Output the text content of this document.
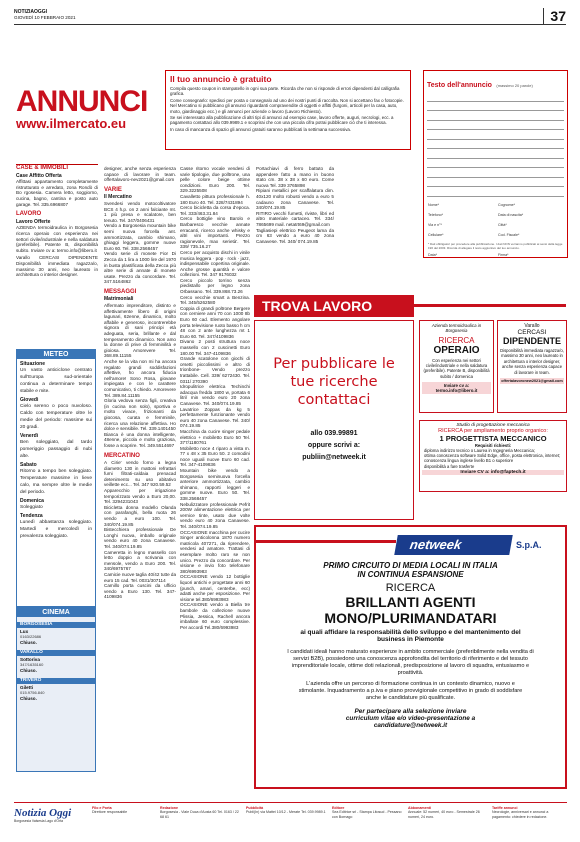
NOTIZIAOGGI
GIOVEDÌ 10 FEBBRAIO 2021	37
ANNUNCI
www.ilmercato.eu
Il tuo annuncio è gratuito

Compila questo coupon in stampatello in ogni sua parte. Ricorda che non si risponde di errori dipendenti dal calligrafia grafica.

Come consegnarlo: spedisci per posta o consegnalo ad uno dei nostri punti di raccolta. Non si accettano fax o fotocopie. Nel Mercatino si pubblicano gli annunci riguardanti compravendite di oggetti e affitti (furgoni, articoli per la casa, auto, moto, giardinaggio ecc.) e gli annunci per aziende o lavoro (Lavoro Richiesto).

Se sei interessato alla pubblicazione di altri tipi di annunci ad esempio case, lavoro offerte, auguri, necrologi, ecc. a pagamento contattaci allo 039.9989.1 e scoprirai che con una piccola cifra potrai pubblicare ciò che ti interessa.

In caso di mancanza di spazio gli annunci gratuiti saranno pubblicati la settimana successiva.

Testo dell'annuncio (massimo 20 parole)
Nome*	Cognome*
Telefono*	Data di nascita*
Via e n°*	Città*
Cellulare*	Cod. Fiscale*
* Dati obbligatori per procedere alla pubblicazione. I dati NON verranno pubblicati ai sensi della legge 196 del 2003. Ricorda di allegare il testo aggiuntivo del tuo annuncio.
Data*	Firma*
CASE & IMMOBILI
Case Affitto Offerta
Affittasi appartamento completamente ristrutturato e arredato, zona Rondò di Bo rgosesia. Camera letto, soggiorno, cucina, bagno, cantina e posto auto garage. Tel. 335.6966807
LAVORO
Lavoro Offerte
AZIENDA termoidraulica in Borgosesia ricerca operaio con esperienza nei settori civile/industriale e nella saldatura (preferibile). Patente B, disponibilità subito. Inviare cv a: termo.info@libero.it
Varallo CERCASI DIPENDENTE Disponibilità immediata ragazza/o, massimo 30 anni, neo laureato in architettura o interior designer.
METEO
Situazione
Un vasto anticiclone centrato sull'Europa sud-orientale continua a determinare tempo stabile e mite.
Giovedì
Cielo sereno o poco nuvoloso. Caldo con temperature oltre le medie del periodo: massime sui 20 gradi.
Venerdì
Ben soleggiato, dal tardo pomeriggio passaggio di nubi alte.
Sabato
Ritorno a tempo ben soleggiato. Temperature massime in lieve calo, ma sempre oltre le medie del periodo.
Domenica
Soleggiato
Tendenza
Lunedì abbastanza soleggiato. Martedì e mercoledì in prevalenza soleggiato.
CINEMA
BORGOSESIA
Lux
0163/22686
Chiuso.
VARALLO
Sottoriva
347/1635160
Chiuso.
TRIVERO
Giletti
015.9756.840
Chiuso.
designer, anche senza esperienza capace di lavorare in team. offertalavoro-nev2021@gmail.com
VARIE
Il Mercatino
Svendesi vendo motocoltivatore BCS 4 h.p. on 2 anni falciante mt. 1 più presa e scalatore, ben tenuto. Tel. 347/0406431
Vendo a Borgosesia mountain bike semi nuova forcella ant. ammortizzata, cambio shimano, ghiaggi leggera, gomme nuove Euro 60. Tel. 338.2568457
Vendo serie di monete Fior Di Zecca da 1 lira a 1000 lire del 1970 in busta plastificata della Zecca più altre serie di annate di monete usate. Prezzo da concordare. Tel. 347.5164862
MESSAGGI
Matrimoniali
Affermato imprenditore, distinto e affettivamente libero di origini lagunari, 62enne, dinamico, molto affabile e generoso, incontrerebbe signora di sani principi età adeguata, seria, brillante e dal temperamento dinamico. Non amo la donne di prive di femminilità e gioiosa. Amorevere Tel. 368.89.11155
Anche se la vita non mi ha ancora regalato grandi soddisfazioni affettive, ho ancora fiducia nell'amore! Sono Rosa, giovane impiegata e con le carattere comunicativo, ti chiedo. Amorevere Tel. 389.84.11155
Gloria vedova senza figli, creativa (in cucina non solo), sportiva e molto vivace, frizionanti da giocosa, curata e femminile, ricerca una relazione affettiva. Ho dolce e sensibile. Tel. 339.1401450
Bianca è una donna intelligente, 48enne, piccola e molto graziosa, fosse a scoprire. Tel. 349.5514697
MERCATINO
A Cirie' vendo forno a legna diametro 130 in mattoni refrattari fumi filtrati-caldaia prenacad detenimento su uso abitativo veillette ecc... Tel. 347 920.59.52
Apparecchio per irrigazione temporizzato vendo a Euro 20,00. Tel. 3294231043
Bicicletta donna modello Olanda con parafanghi, bella ruota 26 vendo a euro 100. Tel. 340/074.19.85
Bistecchiera professionale De Longhi nuova, imballo originale vendo euro 40 zona Canavese. Tel. 340/074.19.85
Cameretta in legno massello con letto doppio a scrivania con mensole, vendo a Euro 200. Tel. 340/6975767
Camicie nuove taglia 40/42 tutte da euro 15 cad. Tel. 0031/307114
Camillo porta cuscini da ufficio vendo a Euro 130. Tel. 347-4109836
Casse ritorno vocale vendesi di varie tipologie, due polltrone, una pelle colore beige ottime condizioni. Euro 200. Tel. 329.3225508
Cavalletto pittura professionale h. 180 Euro 40. Tel. 328/7431894
Cerco bicicletta da corsa d'epoca. Tel. 333/463.31.84
Cerco bottiglie vino Barolo e Barbaresco vecchie annate erracanti, ricerco anche whisky e altri vini importanti. Prezzo ragionevole, max serietà'. Tel. 339/ 735.16.27
Cerco per acquisto dischi in vinile musica leggera · pop · rock · jazz, indispensabile copertina originale. Anche grosse quantità e valore collezioni. Tel. 347 9176032
Cerco piccolo torrino senza piedistallo per legno zona Orbassano. Tel. 339.868.73.26
Cerco vecchie smart a Benzina. Tel. 345/5262580
Coppia di grandi poltrone Bergere con cerniere anni 70 con 1000 8b Euro 60 cad. Elemento angolare porta televisione ruoto basso h cm 48 con 2 ante lunghezza mt 1 Euro 60. Tel. 347/4109836
Divano 2 posti struttura noce massello con 2 cuscinetti Euro 180.00 Tel. 347-4109836
Grande scatolone con giochi di orsetti piccolissimi e altro di trionbone- Vendo prezzo trattabile. Cell. 339/ 6272430. Tel. 0311/ 270390
Idropulitrice elettrica Techinchi adacqua fredda 1800 w, portata 6 litri/ min vendo euro 20 zona Canavese. Tel. 340/074.19.85
Lavatrice Zoppas da kg 5 perfettamente funzionante vendo euro 40 zona Canavese. Tel. 340/ 074.19.85
Macchina da cucire singer pedale elettrico + mobiletto Euro 50 Tel. 377/1180761
Mobiletto noce 4 riparo a vista m. 77 x 48 x 35 Euro 50. 2 comodini noce uguali nuove Euro 60 cad. Tel. 347-4109836
Mountain bike vendo a Borgosesia seminuova forcella anteriore ammortizzata, cambio shimano, rapporti leggeri e gomme nuove. Euro 50. Tel. 338.2568457
Nebulizzatore professionale Pefrit 200W alimentazione elettrica per vernice tinte, usato due volte vendo euro 40 zona Canavese. Tel. 340/074.19.85
OCCASIONE macchina per cucire Singer anticolonna 1870 numero matricola 407271, da riprendere, vendesi ad amatore. Trattasi di esemplare molto raro se non unico. Prezzo da concordare. Per visione e invio foto telefonare 380/6993983
OCCASIONE vendo 12 bottiglie liquori antichi e progettate anni 60 (punch, amari, centerbe, ecc) adatti anche per esposizione. Per visione tel.380/6993983
OCCASIONE vendo a Biella tre bambole da collezione nuove Plissia, Jessica, Rachell ancora imballate 60 euro complessive. Per accordi Tel.380/6993983
Portachiavi di ferro battuto da appendere fatto a mano in buono stato cm. 38 x 38 x 60 euro. Come nuova Tel. 339 3765898
Ripiani metallici per scaffalatura dim. 40x120 molto robusti vendo a euro 5 cadauno zona Canavese. Tel. 340/074.19.85
RITIRO vecchi fumetti, riviste, libri ed altro materiale cartaceo. Tel. 334/ 7865699 mail. netatrt69@gmail.com
Tagliasiepi elettrico Peugeot lama da cm 63 vendo a euro 40 zona Canavese. Tel. 340/ 074.19.85
TROVA LAVORO
Per pubblicare le tue ricerche contattaci
allo 039.99891
oppure scrivi a:
publiin@netweek.it
Azienda termoidraulica in Borgosesia
RICERCA
OPERAIO
Con esperienza nei settori civile/industriale e nella saldatura (preferibile). Patente B, disponibilità subito / domenica
Inviare cv a:
termo.info@libero.it
Varallo
CERCASI
DIPENDENTE
Disponibilità immediata ragazza/o, massimo 30 anni, neo laureato in architettura o interior designer, anche senza esperienza capace di lavorare in team.
offertalavoronew2021@gmail.com
Studio di progettazione meccanica
RICERCA per ampliamento proprio organico:
1 PROGETTISTA MECCANICO
Requisiti richiesti:
diploma indirizzo tecnico o Laurea in Ingegneria Meccanica;
ottima conoscenza software Solid Edge, office, posta elettronica, internet;
conoscenza lingua inglese livello B1 o superiore
disponibilità a fare trasferte
Inviare CV a: info@faptech.it
netweek	S.p.A.
PRIMO CIRCUITO DI MEDIA LOCALI IN ITALIA
IN CONTINUA ESPANSIONE
RICERCA
BRILLANTI AGENTI
MONO/PLURIMANDATARI
ai quali affidare la responsabilità dello sviluppo e del mantenimento del business in Piemonte
I candidati ideali hanno maturato esperienze in ambito commerciale (preferibilmente nella vendita di servizi B2B), possiedono una conoscenza approfondita del territorio di riferimento e del tessuto imprenditoriale locale, ottime doti relazionali, predisposizione al lavoro di squadra, entusiasmo e proattività.
L'azienda offre un percorso di formazione continua in un contesto dinamico, nuovo e stimolante. Inquadramento a p.iva e piano provvigionale competitivo in grado di soddisfare anche le candidature più qualificate.
Per partecipare alla selezione inviare
curriculum vitae e/o video-presentazione a
candidature@netweek.it
Notizia Oggi
Borgosesia Valsesia Lago d'Orta
Filo e Porta
Direttore responsabile
Redazione
Borgosesia - Viale Duca d'Aosta 60 Tel. 0163 / 22 68 61
Pubblicità
Publi(In) via Mattei 10/12 - Merate Tel. 039.9989.1
Editore
Sea Editrice srl - Stampa Litosud - Pessano con Bornago
Abbonamenti
Annuale: 52 numeri, 40 euro - Semestrale 26 numeri, 24 euro.
Tariffe annunci
Necrologie, anniversari e annunci a pagamento: chiedere in redazione.
